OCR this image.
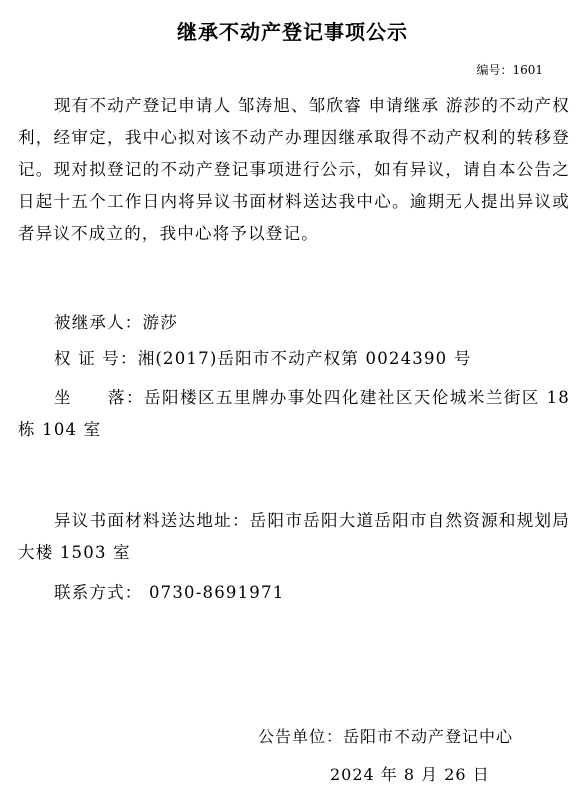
继承不动产登记事项公示
编号：1601

现有不动产登记申请人 邹涛旭、邹欣睿 申请继承 游莎的不动产权利，经审定，我中心拟对该不动产办理因继承取得不动产权利的转移登记。现对拟登记的不动产登记事项进行公示，如有异议，请自本公告之日起十五个工作日内将异议书面材料送达我中心。逾期无人提出异议或者异议不成立的，我中心将予以登记。

被继承人：游莎
权 证 号：湘(2017)岳阳市不动产权第 0024390 号
坐　　落：岳阳楼区五里牌办事处四化建社区天伦城米兰街区 18 栋 104 室
异议书面材料送达地址：岳阳市岳阳大道岳阳市自然资源和规划局大楼 1503 室
联系方式： 0730-8691971
公告单位：岳阳市不动产登记中心
2024 年 8 月 26 日
